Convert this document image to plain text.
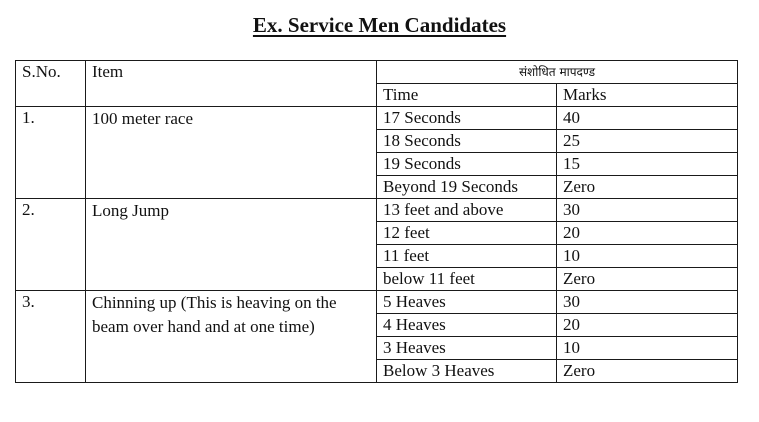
Ex. Service Men Candidates
S.No.	Item	संशोधित मापदण्ड	
		Time	Marks
1.	100 meter race	17 Seconds	40
		18 Seconds	25
		19 Seconds	15
		Beyond 19 Seconds	Zero
2.	Long Jump	13 feet and above	30
		12 feet	20
		11 feet	10
		below 11 feet	Zero
3.	Chinning up (This is heaving on the beam over hand and at one time)	5 Heaves	30
		4 Heaves	20
		3 Heaves	10
		Below 3 Heaves	Zero
